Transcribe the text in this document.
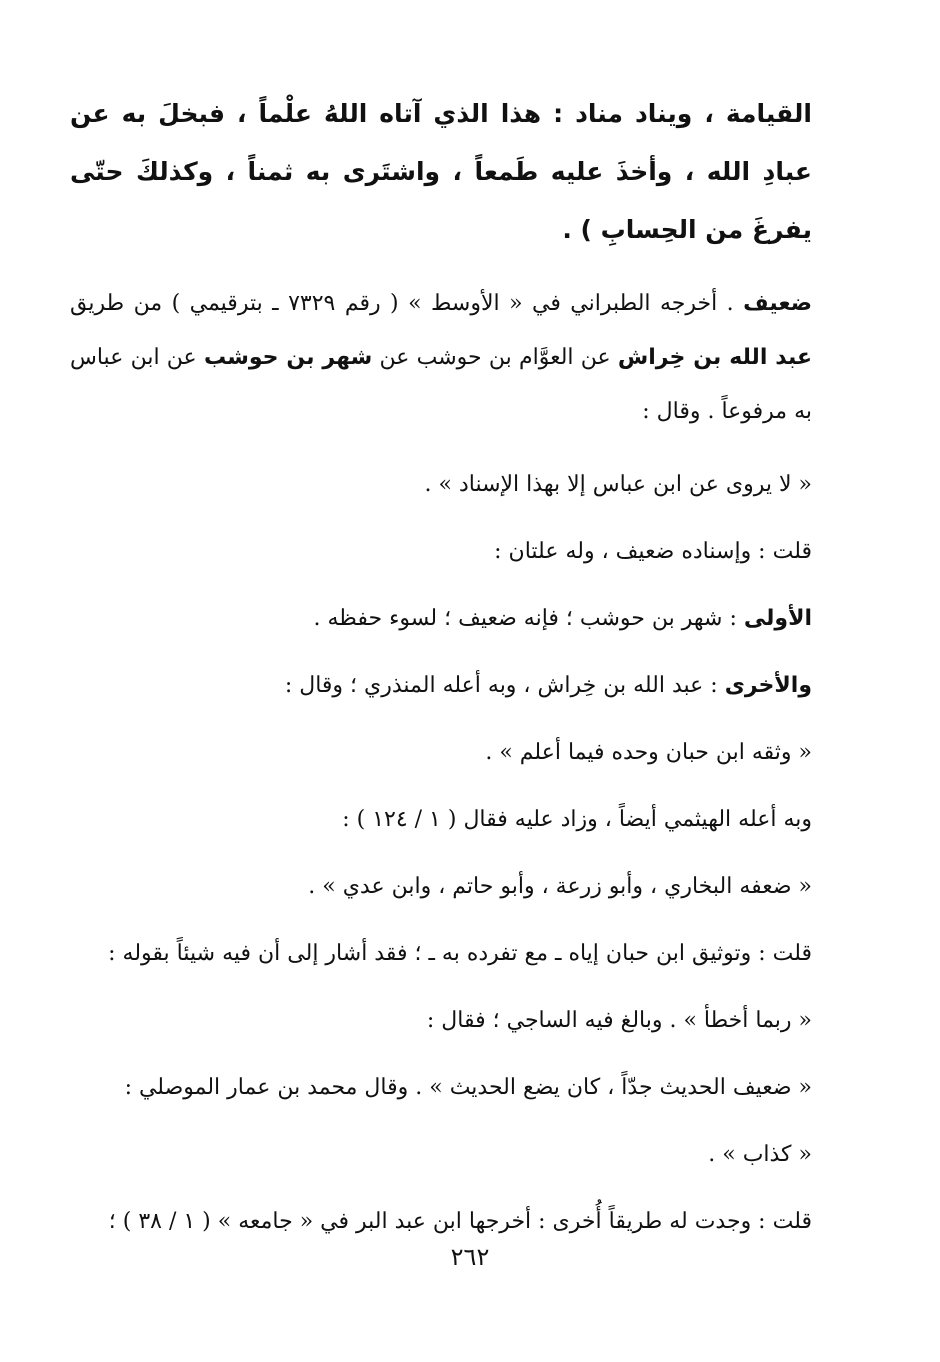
القيامة ، ويناد مناد : هذا الذي آتاه اللهُ علْماً ، فبخلَ به عن عبادِ الله ، وأخذَ عليه طَمعاً ، واشتَرى به ثمناً ، وكذلكَ حتّى يفرغَ من الحِسابِ ) .

ضعيف . أخرجه الطبراني في « الأوسط » ( رقم ٧٣٢٩ ـ بترقيمي ) من طريق عبد الله بن خِراش عن العوَّام بن حوشب عن شهر بن حوشب عن ابن عباس به مرفوعاً . وقال :

« لا يروى عن ابن عباس إلا بهذا الإسناد » .

قلت : وإسناده ضعيف ، وله علتان :

الأولى : شهر بن حوشب ؛ فإنه ضعيف ؛ لسوء حفظه .

والأخرى : عبد الله بن خِراش ، وبه أعله المنذري ؛ وقال :

« وثقه ابن حبان وحده فيما أعلم » .

وبه أعله الهيثمي أيضاً ، وزاد عليه فقال ( ١ / ١٢٤ ) :

« ضعفه البخاري ، وأبو زرعة ، وأبو حاتم ، وابن عدي » .

قلت : وتوثيق ابن حبان إياه ـ مع تفرده به ـ ؛ فقد أشار إلى أن فيه شيئاً بقوله :

« ربما أخطأ » . وبالغ فيه الساجي ؛ فقال :

« ضعيف الحديث جدّاً ، كان يضع الحديث » . وقال محمد بن عمار الموصلي :

« كذاب » .

قلت : وجدت له طريقاً أُخرى : أخرجها ابن عبد البر في « جامعه » ( ١ / ٣٨ ) ؛

٢٦٢
